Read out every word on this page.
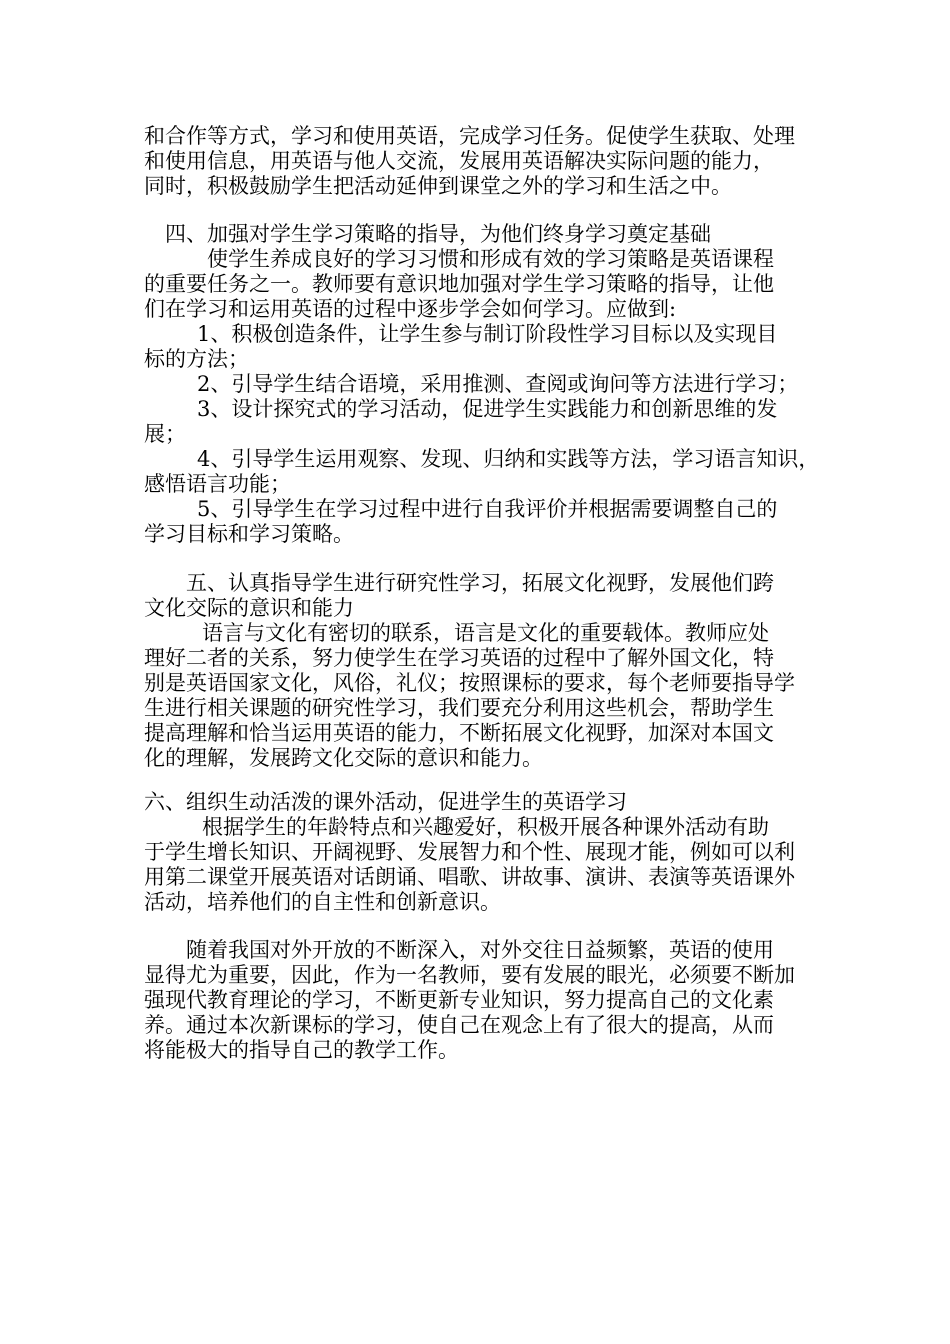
和合作等方式，学习和使用英语，完成学习任务。促使学生获取、处理
和使用信息，用英语与他人交流，发展用英语解决实际问题的能力，
同时，积极鼓励学生把活动延伸到课堂之外的学习和生活之中。
四、加强对学生学习策略的指导，为他们终身学习奠定基础
使学生养成良好的学习习惯和形成有效的学习策略是英语课程
的重要任务之一。教师要有意识地加强对学生学习策略的指导，让他
们在学习和运用英语的过程中逐步学会如何学习。应做到:
1、积极创造条件，让学生参与制订阶段性学习目标以及实现目
标的方法；
2、引导学生结合语境，采用推测、查阅或询问等方法进行学习；
3、设计探究式的学习活动，促进学生实践能力和创新思维的发
展；
4、引导学生运用观察、发现、归纳和实践等方法，学习语言知识，
感悟语言功能；
5、引导学生在学习过程中进行自我评价并根据需要调整自己的
学习目标和学习策略。
五、认真指导学生进行研究性学习，拓展文化视野，发展他们跨
文化交际的意识和能力
语言与文化有密切的联系，语言是文化的重要载体。教师应处
理好二者的关系，努力使学生在学习英语的过程中了解外国文化，特
别是英语国家文化，风俗，礼仪；按照课标的要求，每个老师要指导学
生进行相关课题的研究性学习，我们要充分利用这些机会，帮助学生
提高理解和恰当运用英语的能力，不断拓展文化视野，加深对本国文
化的理解，发展跨文化交际的意识和能力。
六、组织生动活泼的课外活动，促进学生的英语学习
根据学生的年龄特点和兴趣爱好，积极开展各种课外活动有助
于学生增长知识、开阔视野、发展智力和个性、展现才能，例如可以利
用第二课堂开展英语对话朗诵、唱歌、讲故事、演讲、表演等英语课外
活动，培养他们的自主性和创新意识。
随着我国对外开放的不断深入，对外交往日益频繁，英语的使用
显得尤为重要，因此，作为一名教师，要有发展的眼光，必须要不断加
强现代教育理论的学习，不断更新专业知识，努力提高自己的文化素
养。通过本次新课标的学习，使自己在观念上有了很大的提高，从而
将能极大的指导自己的教学工作。
